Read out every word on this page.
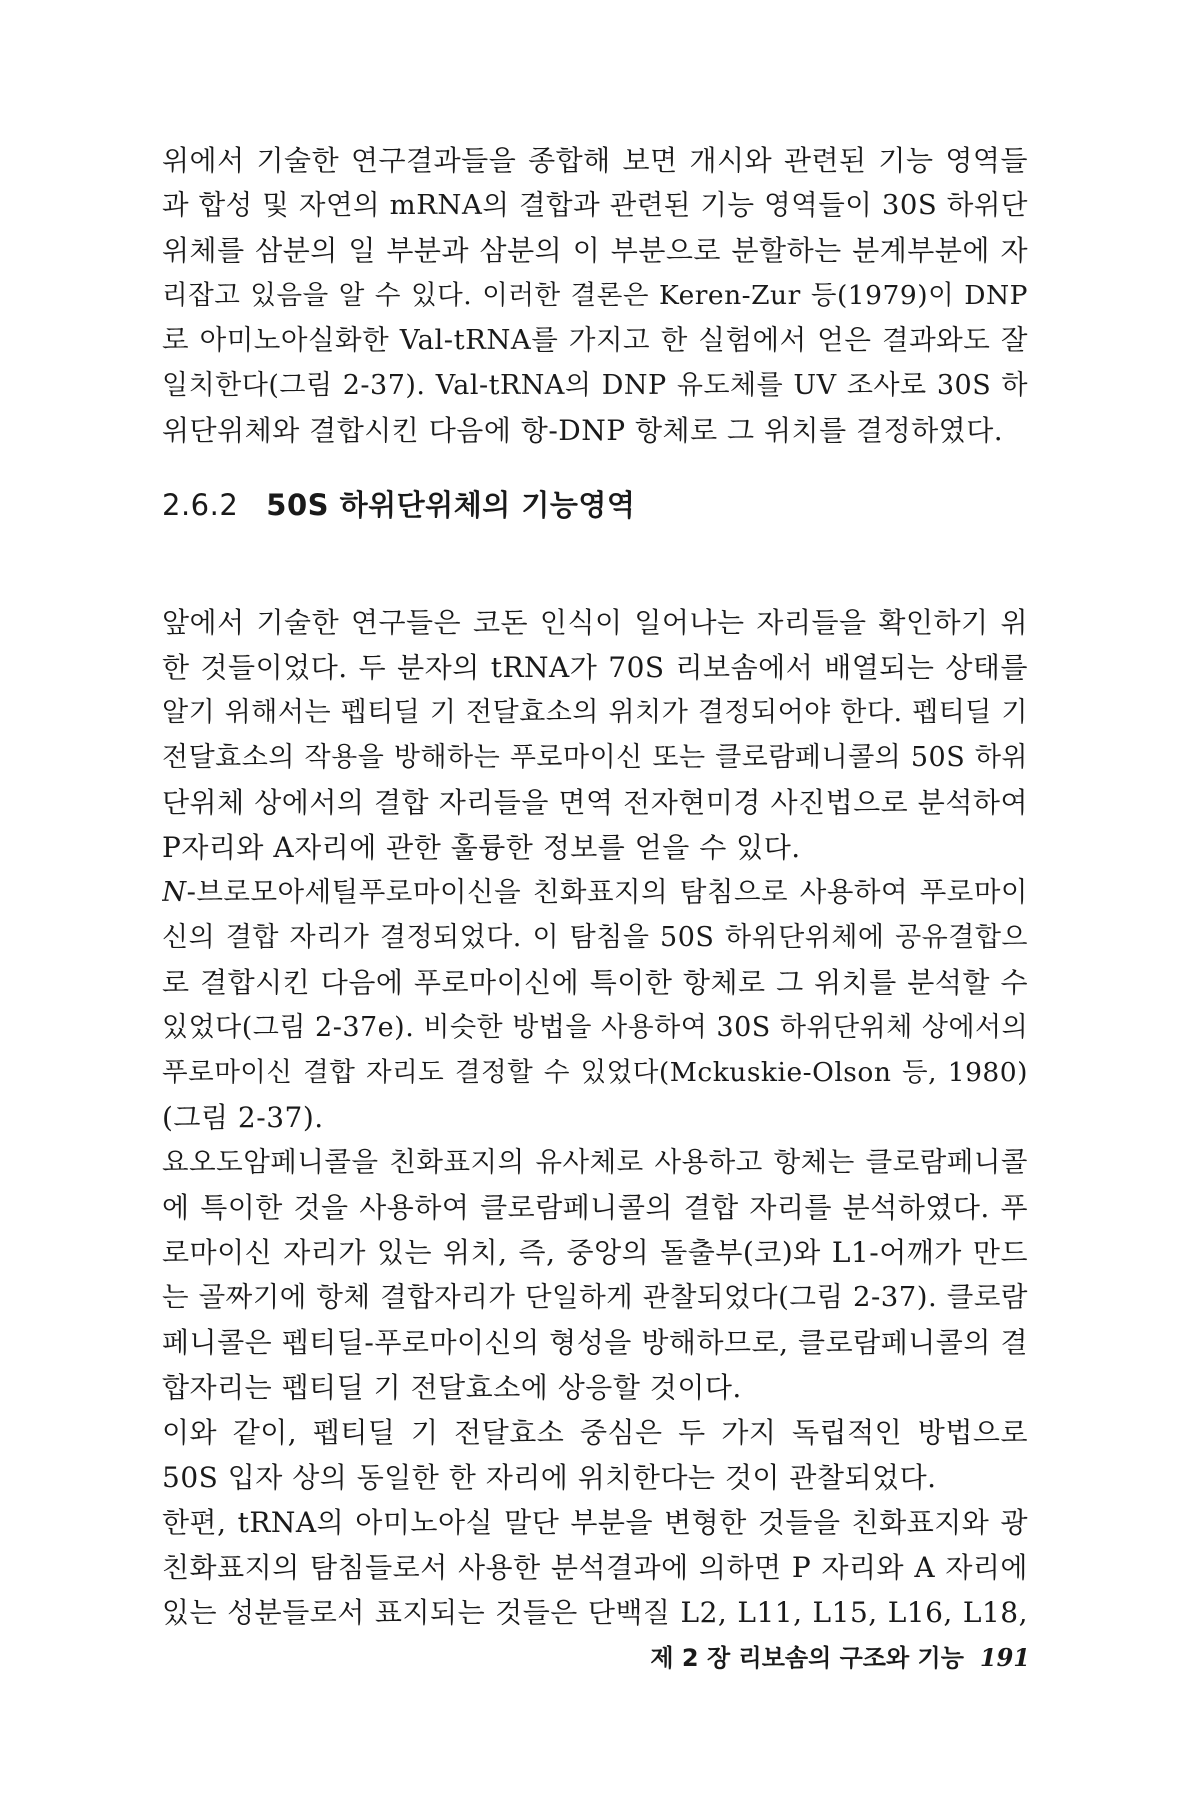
위에서 기술한 연구결과들을 종합해 보면 개시와 관련된 기능 영역들
과 합성 및 자연의 mRNA의 결합과 관련된 기능 영역들이 30S 하위단
위체를 삼분의 일 부분과 삼분의 이 부분으로 분할하는 분계부분에 자
리잡고 있음을 알 수 있다. 이러한 결론은 Keren-Zur 등(1979)이 DNP
로 아미노아실화한 Val-tRNA를 가지고 한 실험에서 얻은 결과와도 잘
일치한다(그림 2-37). Val-tRNA의 DNP 유도체를 UV 조사로 30S 하
위단위체와 결합시킨 다음에 항-DNP 항체로 그 위치를 결정하였다.
2.6.2 50S 하위단위체의 기능영역
앞에서 기술한 연구들은 코돈 인식이 일어나는 자리들을 확인하기 위
한 것들이었다. 두 분자의 tRNA가 70S 리보솜에서 배열되는 상태를
알기 위해서는 펩티딜 기 전달효소의 위치가 결정되어야 한다. 펩티딜 기
전달효소의 작용을 방해하는 푸로마이신 또는 클로람페니콜의 50S 하위
단위체 상에서의 결합 자리들을 면역 전자현미경 사진법으로 분석하여
P자리와 A자리에 관한 훌륭한 정보를 얻을 수 있다.
N-브로모아세틸푸로마이신을 친화표지의 탐침으로 사용하여 푸로마이
신의 결합 자리가 결정되었다. 이 탐침을 50S 하위단위체에 공유결합으
로 결합시킨 다음에 푸로마이신에 특이한 항체로 그 위치를 분석할 수
있었다(그림 2-37e). 비슷한 방법을 사용하여 30S 하위단위체 상에서의
푸로마이신 결합 자리도 결정할 수 있었다(Mckuskie-Olson 등, 1980)
(그림 2-37).
요오도암페니콜을 친화표지의 유사체로 사용하고 항체는 클로람페니콜
에 특이한 것을 사용하여 클로람페니콜의 결합 자리를 분석하였다. 푸
로마이신 자리가 있는 위치, 즉, 중앙의 돌출부(코)와 L1-어깨가 만드
는 골짜기에 항체 결합자리가 단일하게 관찰되었다(그림 2-37). 클로람
페니콜은 펩티딜-푸로마이신의 형성을 방해하므로, 클로람페니콜의 결
합자리는 펩티딜 기 전달효소에 상응할 것이다.
이와 같이, 펩티딜 기 전달효소 중심은 두 가지 독립적인 방법으로
50S 입자 상의 동일한 한 자리에 위치한다는 것이 관찰되었다.
한편, tRNA의 아미노아실 말단 부분을 변형한 것들을 친화표지와 광
친화표지의 탐침들로서 사용한 분석결과에 의하면 P 자리와 A 자리에
있는 성분들로서 표지되는 것들은 단백질 L2, L11, L15, L16, L18,
제 2 장 리보솜의 구조와 기능 191
